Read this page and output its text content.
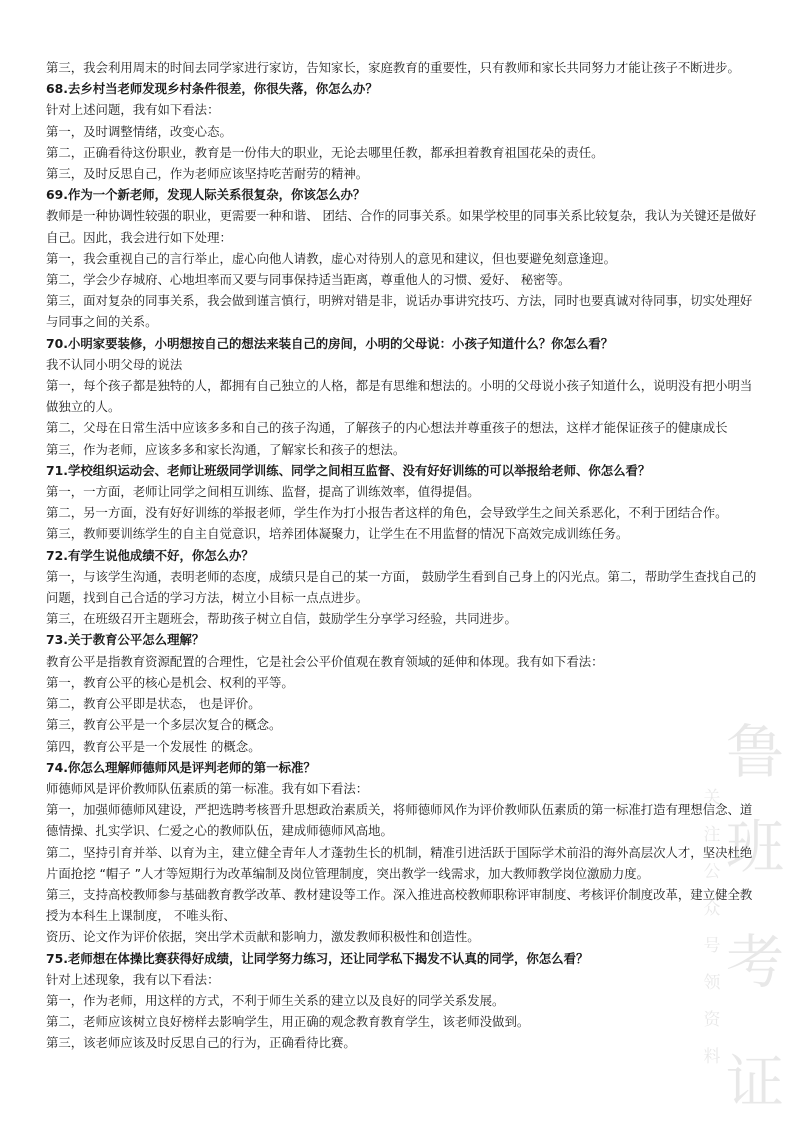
第三，我会利用周末的时间去同学家进行家访，告知家长，家庭教育的重要性，只有教师和家长共同努力才能让孩子不断进步。

68.去乡村当老师发现乡村条件很差，你很失落，你怎么办？

针对上述问题，我有如下看法：

第一，及时调整情绪，改变心态。

第二，正确看待这份职业，教育是一份伟大的职业，无论去哪里任教，都承担着教育祖国花朵的责任。

第三，及时反思自己，作为老师应该坚持吃苦耐劳的精神。

69.作为一个新老师，发现人际关系很复杂，你该怎么办？

教师是一种协调性较强的职业，更需要一种和谐、 团结、合作的同事关系。如果学校里的同事关系比较复杂，我认为关键还是做好自己。因此，我会进行如下处理：

第一，我会重视自己的言行举止，虚心向他人请教，虚心对待别人的意见和建议，但也要避免刻意逢迎。

第二，学会少存城府、心地坦率而又要与同事保持适当距离，尊重他人的习惯、爱好、 秘密等。

第三，面对复杂的同事关系，我会做到谨言慎行，明辨对错是非，说话办事讲究技巧、方法，同时也要真诚对待同事，切实处理好与同事之间的关系。

70.小明家要装修，小明想按自己的想法来装自己的房间，小明的父母说：小孩子知道什么？你怎么看？

我不认同小明父母的说法

第一，每个孩子都是独特的人，都拥有自己独立的人格，都是有思维和想法的。小明的父母说小孩子知道什么，说明没有把小明当做独立的人。

第二，父母在日常生活中应该多多和自己的孩子沟通，了解孩子的内心想法并尊重孩子的想法，这样才能保证孩子的健康成长

第三，作为老师，应该多多和家长沟通，了解家长和孩子的想法。

71.学校组织运动会、老师让班级同学训练、同学之间相互监督、没有好好训练的可以举报给老师、你怎么看？

第一，一方面，老师让同学之间相互训练、监督，提高了训练效率，值得提倡。

第二，另一方面，没有好好训练的举报老师，学生作为打小报告者这样的角色，会导致学生之间关系恶化，不利于团结合作。

第三，教师要训练学生的自主自觉意识，培养团体凝聚力，让学生在不用监督的情况下高效完成训练任务。

72.有学生说他成绩不好，你怎么办？

第一，与该学生沟通，表明老师的态度，成绩只是自己的某一方面， 鼓励学生看到自己身上的闪光点。第二，帮助学生查找自己的问题，找到自己合适的学习方法，树立小目标一点点进步。

第三，在班级召开主题班会，帮助孩子树立自信，鼓励学生分享学习经验，共同进步。

73.关于教育公平怎么理解？

教育公平是指教育资源配置的合理性，它是社会公平价值观在教育领域的延伸和体现。我有如下看法：

第一，教育公平的核心是机会、权利的平等。

第二，教育公平即是状态， 也是评价。

第三，教育公平是一个多层次复合的概念。

第四，教育公平是一个发展性 的概念。

74.你怎么理解师德师风是评判老师的第一标准？

师德师风是评价教师队伍素质的第一标准。我有如下看法：

第一，加强师德师风建设，严把选聘考核晋升思想政治素质关，将师德师风作为评价教师队伍素质的第一标准打造有理想信念、道德情操、扎实学识、仁爱之心的教师队伍，建成师德师风高地。

第二，坚持引育并举、以育为主，建立健全青年人才蓬勃生长的机制，精准引进活跃于国际学术前沿的海外高层次人才，坚决杜绝片面抢挖 “帽子 ”人才等短期行为改革编制及岗位管理制度，突出教学一线需求，加大教师教学岗位激励力度。

第三，支持高校教师参与基础教育教学改革、教材建设等工作。深入推进高校教师职称评审制度、考核评价制度改革，建立健全教授为本科生上课制度， 不唯头衔、

资历、论文作为评价依据，突出学术贡献和影响力，激发教师积极性和创造性。

75.老师想在体操比赛获得好成绩，让同学努力练习，还让同学私下揭发不认真的同学，你怎么看？

针对上述现象，我有以下看法：

第一，作为老师，用这样的方式，不利于师生关系的建立以及良好的同学关系发展。

第二，老师应该树立良好榜样去影响学生，用正确的观念教育教育学生，该老师没做到。

第三，该老师应该及时反思自己的行为，正确看待比赛。

鲁
班
考
证
关
注
公
众
号
领
资
料
